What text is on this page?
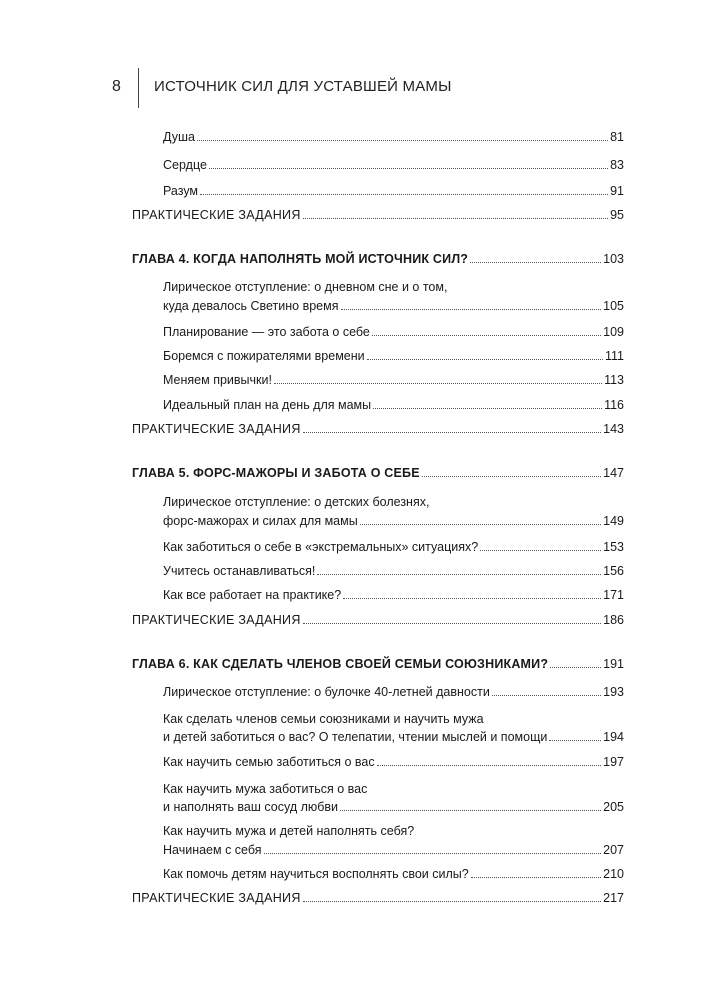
8 ИСТОЧНИК СИЛ ДЛЯ УСТАВШЕЙ МАМЫ
Душа	81
Сердце	83
Разум	91
ПРАКТИЧЕСКИЕ ЗАДАНИЯ	95
ГЛАВА 4. КОГДА НАПОЛНЯТЬ МОЙ ИСТОЧНИК СИЛ?	103
Лирическое отступление: о дневном сне и о том,
куда девалось Светино время	105
Планирование — это забота о себе	109
Боремся с пожирателями времени	111
Меняем привычки!	113
Идеальный план на день для мамы	116
ПРАКТИЧЕСКИЕ ЗАДАНИЯ	143
ГЛАВА 5. ФОРС-МАЖОРЫ И ЗАБОТА О СЕБЕ	147
Лирическое отступление: о детских болезнях,
форс-мажорах и силах для мамы	149
Как заботиться о себе в «экстремальных» ситуациях?	153
Учитесь останавливаться!	156
Как все работает на практике?	171
ПРАКТИЧЕСКИЕ ЗАДАНИЯ	186
ГЛАВА 6. КАК СДЕЛАТЬ ЧЛЕНОВ СВОЕЙ СЕМЬИ СОЮЗНИКАМИ?	191
Лирическое отступление: о булочке 40-летней давности	193
Как сделать членов семьи союзниками и научить мужа
и детей заботиться о вас? О телепатии, чтении мыслей и помощи	194
Как научить семью заботиться о вас	197
Как научить мужа заботиться о вас
и наполнять ваш сосуд любви	205
Как научить мужа и детей наполнять себя?
Начинаем с себя	207
Как помочь детям научиться восполнять свои силы?	210
ПРАКТИЧЕСКИЕ ЗАДАНИЯ	217
